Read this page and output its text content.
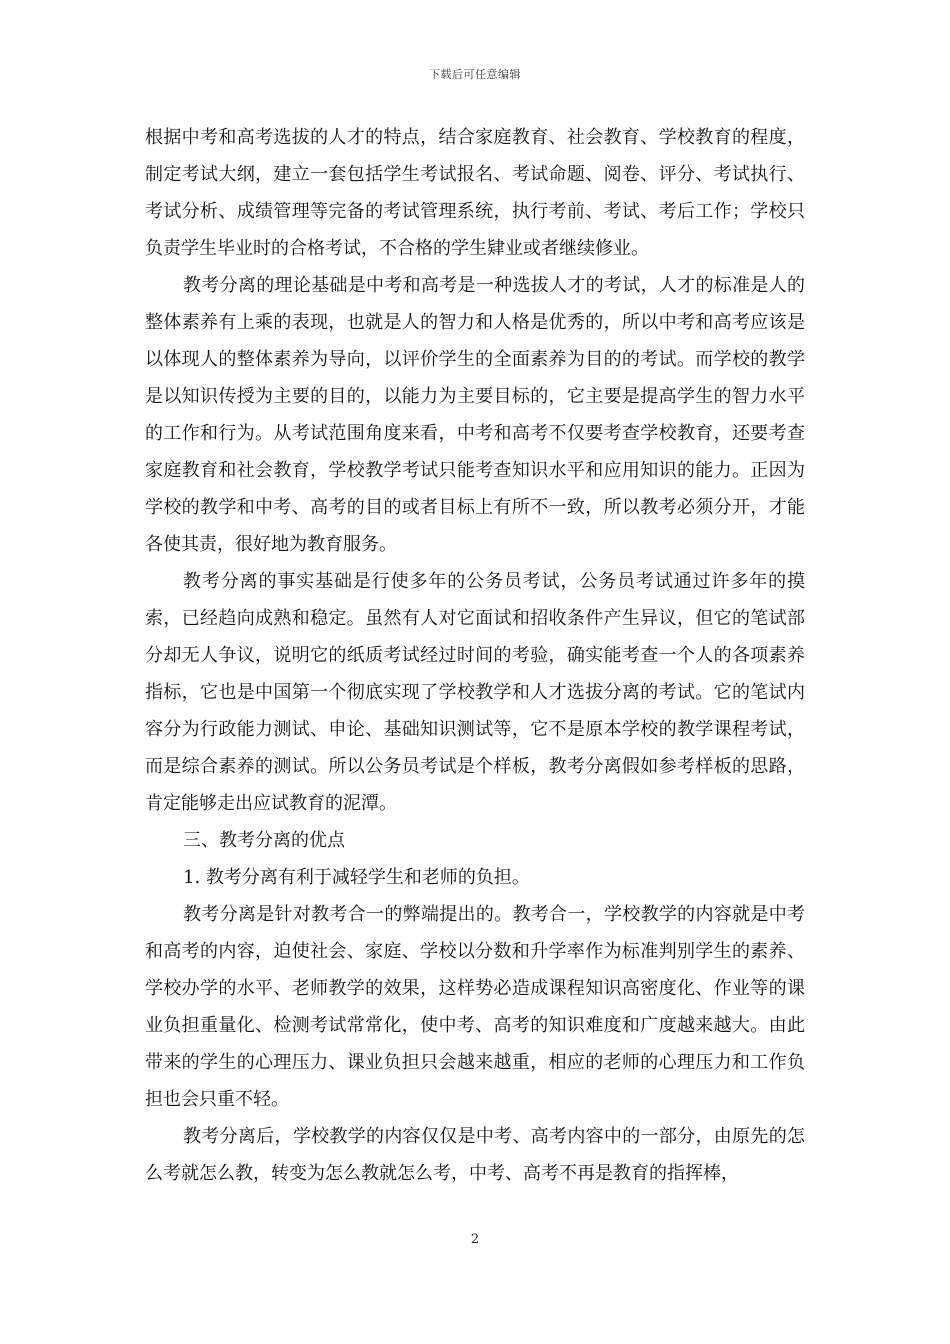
下载后可任意编辑

根据中考和高考选拔的人才的特点，结合家庭教育、社会教育、学校教育的程度，制定考试大纲，建立一套包括学生考试报名、考试命题、阅卷、评分、考试执行、考试分析、成绩管理等完备的考试管理系统，执行考前、考试、考后工作；学校只负责学生毕业时的合格考试，不合格的学生肄业或者继续修业。

教考分离的理论基础是中考和高考是一种选拔人才的考试，人才的标准是人的整体素养有上乘的表现，也就是人的智力和人格是优秀的，所以中考和高考应该是以体现人的整体素养为导向，以评价学生的全面素养为目的的考试。而学校的教学是以知识传授为主要的目的，以能力为主要目标的，它主要是提高学生的智力水平的工作和行为。从考试范围角度来看，中考和高考不仅要考查学校教育，还要考查家庭教育和社会教育，学校教学考试只能考查知识水平和应用知识的能力。正因为学校的教学和中考、高考的目的或者目标上有所不一致，所以教考必须分开，才能各使其责，很好地为教育服务。

教考分离的事实基础是行使多年的公务员考试，公务员考试通过许多年的摸索，已经趋向成熟和稳定。虽然有人对它面试和招收条件产生异议，但它的笔试部分却无人争议，说明它的纸质考试经过时间的考验，确实能考查一个人的各项素养指标，它也是中国第一个彻底实现了学校教学和人才选拔分离的考试。它的笔试内容分为行政能力测试、申论、基础知识测试等，它不是原本学校的教学课程考试，而是综合素养的测试。所以公务员考试是个样板，教考分离假如参考样板的思路，肯定能够走出应试教育的泥潭。

三、教考分离的优点

1. 教考分离有利于减轻学生和老师的负担。

教考分离是针对教考合一的弊端提出的。教考合一，学校教学的内容就是中考和高考的内容，迫使社会、家庭、学校以分数和升学率作为标准判别学生的素养、学校办学的水平、老师教学的效果，这样势必造成课程知识高密度化、作业等的课业负担重量化、检测考试常常化，使中考、高考的知识难度和广度越来越大。由此带来的学生的心理压力、课业负担只会越来越重，相应的老师的心理压力和工作负担也会只重不轻。

教考分离后，学校教学的内容仅仅是中考、高考内容中的一部分，由原先的怎么考就怎么教，转变为怎么教就怎么考，中考、高考不再是教育的指挥棒，

2
